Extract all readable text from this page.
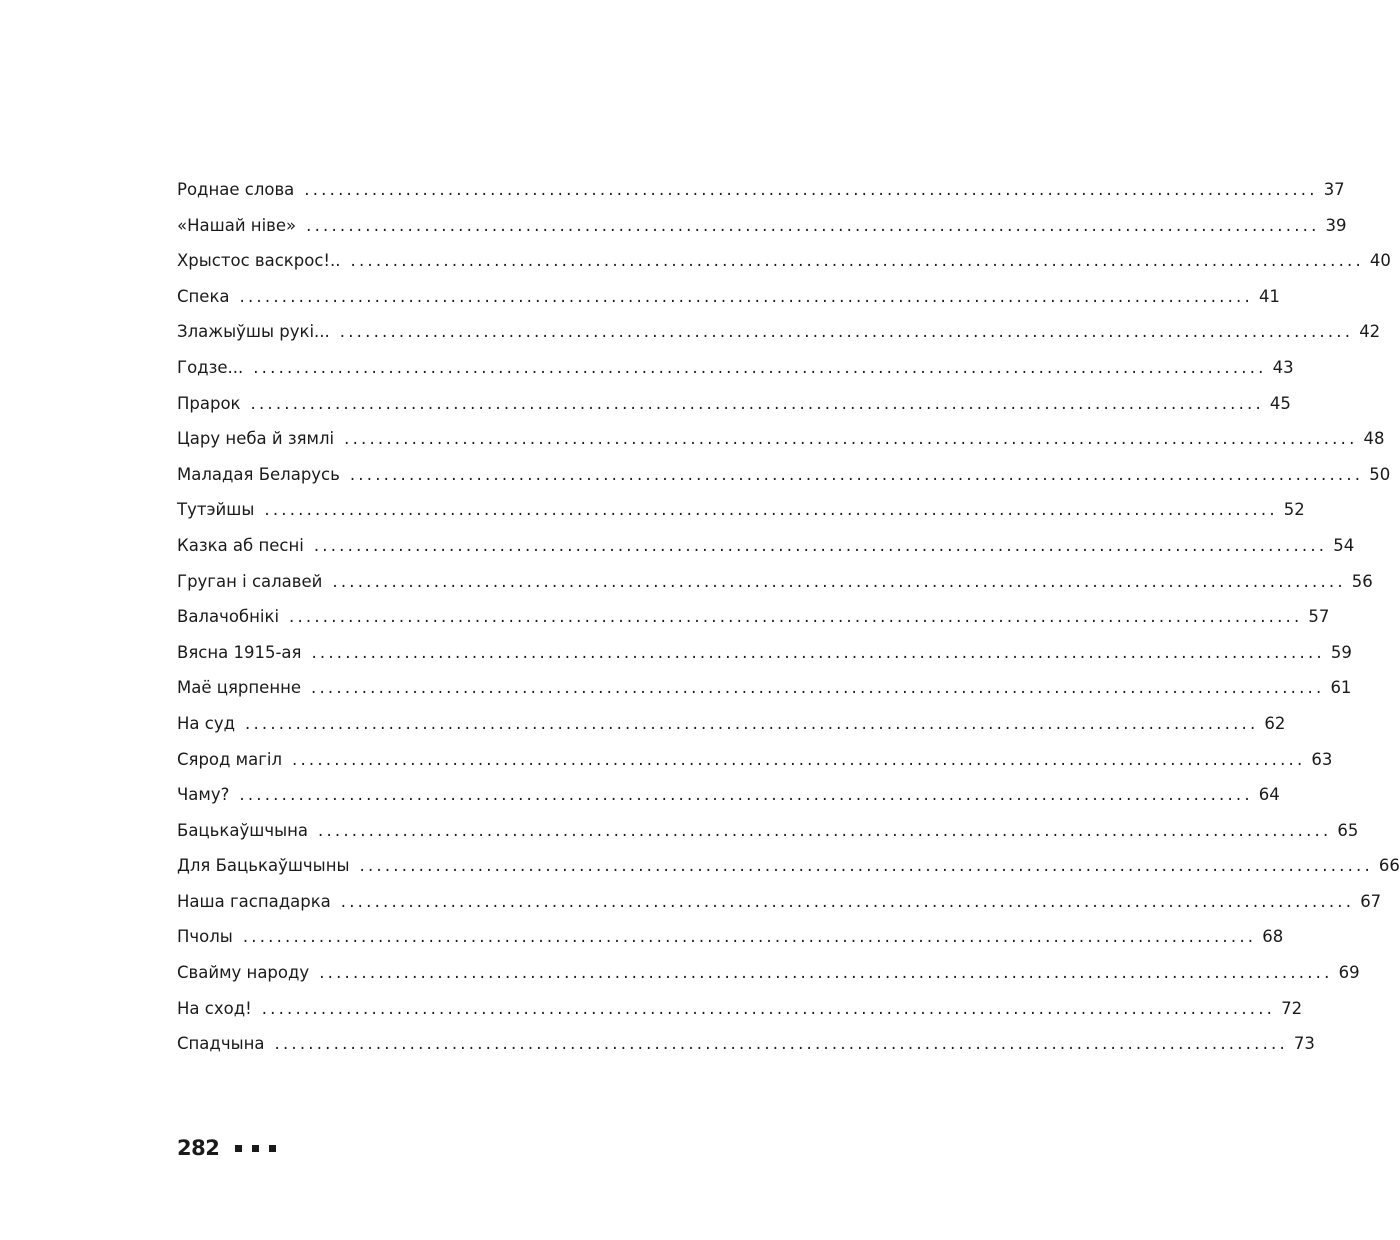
Роднае слова ........................................................................................................................ 37
«Нашай ніве» ........................................................................................................................ 39
Хрыстос васкрос!.. ........................................................................................................................ 40
Спека ........................................................................................................................ 41
Злажыўшы рукі... ........................................................................................................................ 42
Годзе... ........................................................................................................................ 43
Прарок ........................................................................................................................ 45
Цару неба й зямлі ........................................................................................................................ 48
Маладая Беларусь ........................................................................................................................ 50
Тутэйшы ........................................................................................................................ 52
Казка аб песні ........................................................................................................................ 54
Груган і салавей ........................................................................................................................ 56
Валачобнікі ........................................................................................................................ 57
Вясна 1915-ая ........................................................................................................................ 59
Маё цярпенне ........................................................................................................................ 61
На суд ........................................................................................................................ 62
Сярод магіл ........................................................................................................................ 63
Чаму? ........................................................................................................................ 64
Бацькаўшчына ........................................................................................................................ 65
Для Бацькаўшчыны ........................................................................................................................ 66
Наша гаспадарка ........................................................................................................................ 67
Пчолы ........................................................................................................................ 68
Свайму народу ........................................................................................................................ 69
На сход! ........................................................................................................................ 72
Спадчына ........................................................................................................................ 73
282
